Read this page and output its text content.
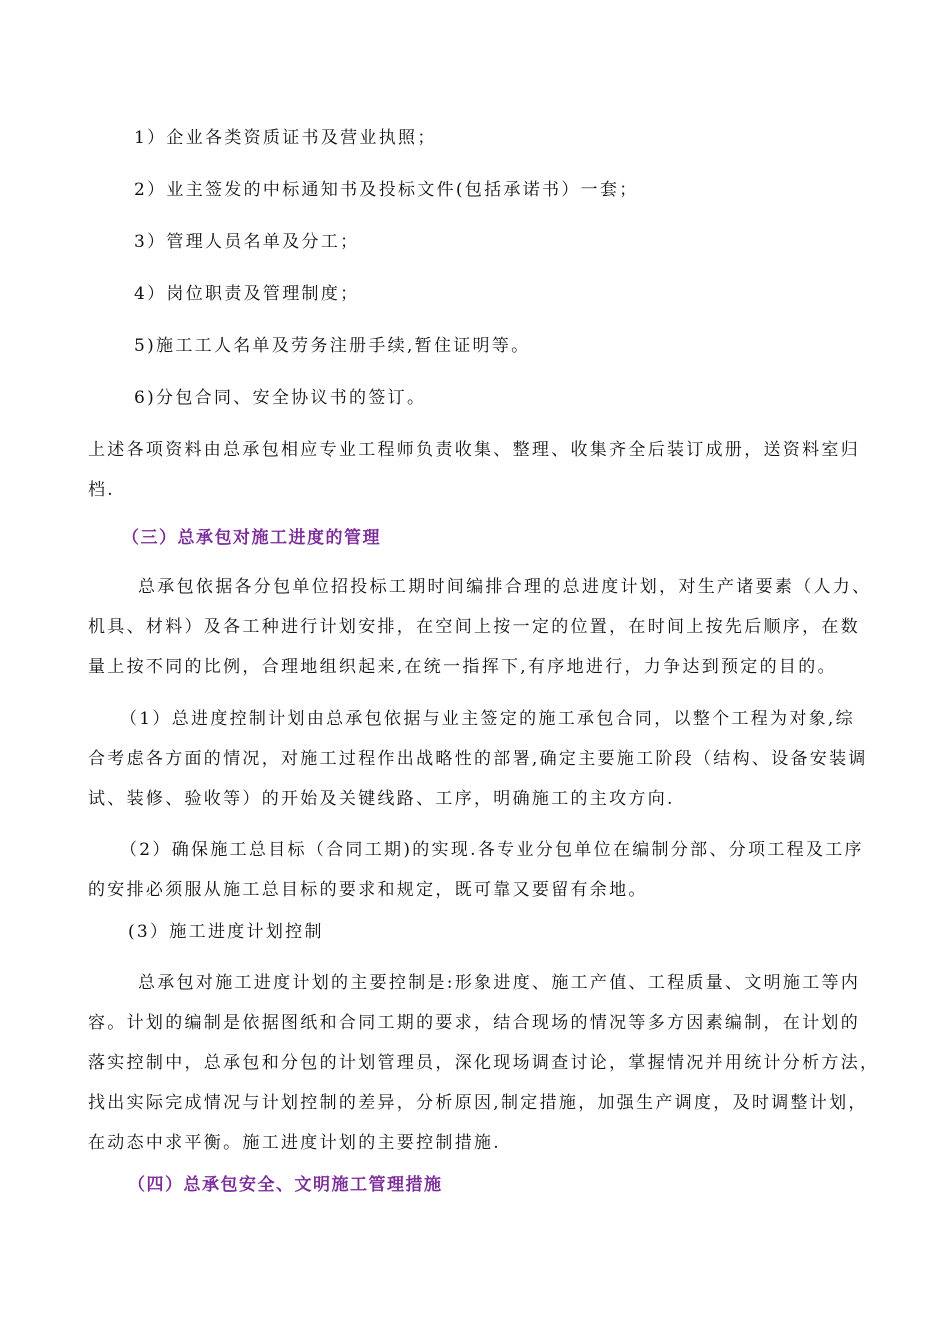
1）企业各类资质证书及营业执照；
2）业主签发的中标通知书及投标文件(包括承诺书）一套；
3）管理人员名单及分工；
4）岗位职责及管理制度；
5)施工工人名单及劳务注册手续,暂住证明等。
6)分包合同、安全协议书的签订。
上述各项资料由总承包相应专业工程师负责收集、整理、收集齐全后装订成册，送资料室归
档.
（三）总承包对施工进度的管理
总承包依据各分包单位招投标工期时间编排合理的总进度计划，对生产诸要素（人力、
机具、材料）及各工种进行计划安排，在空间上按一定的位置，在时间上按先后顺序，在数
量上按不同的比例，合理地组织起来,在统一指挥下,有序地进行，力争达到预定的目的。
（1）总进度控制计划由总承包依据与业主签定的施工承包合同，以整个工程为对象,综
合考虑各方面的情况，对施工过程作出战略性的部署,确定主要施工阶段（结构、设备安装调
试、装修、验收等）的开始及关键线路、工序，明确施工的主攻方向.
（2）确保施工总目标（合同工期)的实现.各专业分包单位在编制分部、分项工程及工序
的安排必须服从施工总目标的要求和规定，既可靠又要留有余地。
(3）施工进度计划控制
总承包对施工进度计划的主要控制是:形象进度、施工产值、工程质量、文明施工等内
容。计划的编制是依据图纸和合同工期的要求，结合现场的情况等多方因素编制，在计划的
落实控制中，总承包和分包的计划管理员，深化现场调查讨论，掌握情况并用统计分析方法，
找出实际完成情况与计划控制的差异，分析原因,制定措施，加强生产调度，及时调整计划，
在动态中求平衡。施工进度计划的主要控制措施.
（四）总承包安全、文明施工管理措施
